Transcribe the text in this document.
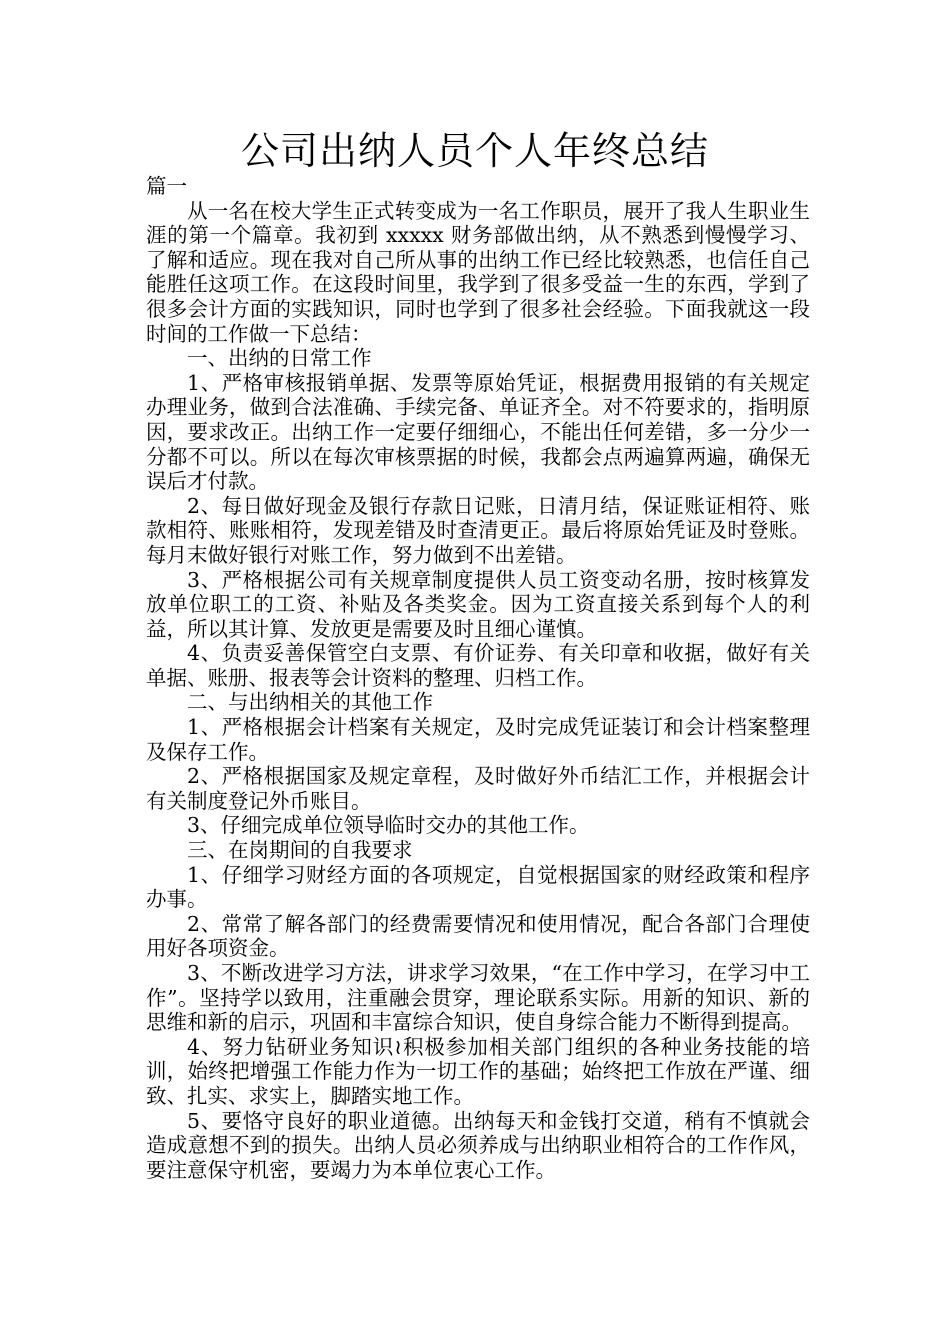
公司出纳人员个人年终总结

篇一

从一名在校大学生正式转变成为一名工作职员，展开了我人生职业生涯的第一个篇章。我初到 xxxxx 财务部做出纳，从不熟悉到慢慢学习、了解和适应。现在我对自己所从事的出纳工作已经比较熟悉，也信任自己能胜任这项工作。在这段时间里，我学到了很多受益一生的东西，学到了很多会计方面的实践知识，同时也学到了很多社会经验。下面我就这一段时间的工作做一下总结：

一、出纳的日常工作

1、严格审核报销单据、发票等原始凭证，根据费用报销的有关规定办理业务，做到合法准确、手续完备、单证齐全。对不符要求的，指明原因，要求改正。出纳工作一定要仔细细心，不能出任何差错，多一分少一分都不可以。所以在每次审核票据的时候，我都会点两遍算两遍，确保无误后才付款。

2、每日做好现金及银行存款日记账，日清月结，保证账证相符、账款相符、账账相符，发现差错及时查清更正。最后将原始凭证及时登账。每月末做好银行对账工作，努力做到不出差错。

3、严格根据公司有关规章制度提供人员工资变动名册，按时核算发放单位职工的工资、补贴及各类奖金。因为工资直接关系到每个人的利益，所以其计算、发放更是需要及时且细心谨慎。

4、负责妥善保管空白支票、有价证券、有关印章和收据，做好有关单据、账册、报表等会计资料的整理、归档工作。

二、与出纳相关的其他工作

1、严格根据会计档案有关规定，及时完成凭证装订和会计档案整理及保存工作。

2、严格根据国家及规定章程，及时做好外币结汇工作，并根据会计有关制度登记外币账目。

3、仔细完成单位领导临时交办的其他工作。

三、在岗期间的自我要求

1、仔细学习财经方面的各项规定，自觉根据国家的财经政策和程序办事。

2、常常了解各部门的经费需要情况和使用情况，配合各部门合理使用好各项资金。

3、不断改进学习方法，讲求学习效果，“在工作中学习，在学习中工作”。坚持学以致用，注重融会贯穿，理论联系实际。用新的知识、新的思维和新的启示，巩固和丰富综合知识，使自身综合能力不断得到提高。

4、努力钻研业务知识≀积极参加相关部门组织的各种业务技能的培训，始终把增强工作能力作为一切工作的基础；始终把工作放在严谨、细致、扎实、求实上，脚踏实地工作。

5、要恪守良好的职业道德。出纳每天和金钱打交道，稍有不慎就会造成意想不到的损失。出纳人员必须养成与出纳职业相符合的工作作风，要注意保守机密，要竭力为本单位衷心工作。
